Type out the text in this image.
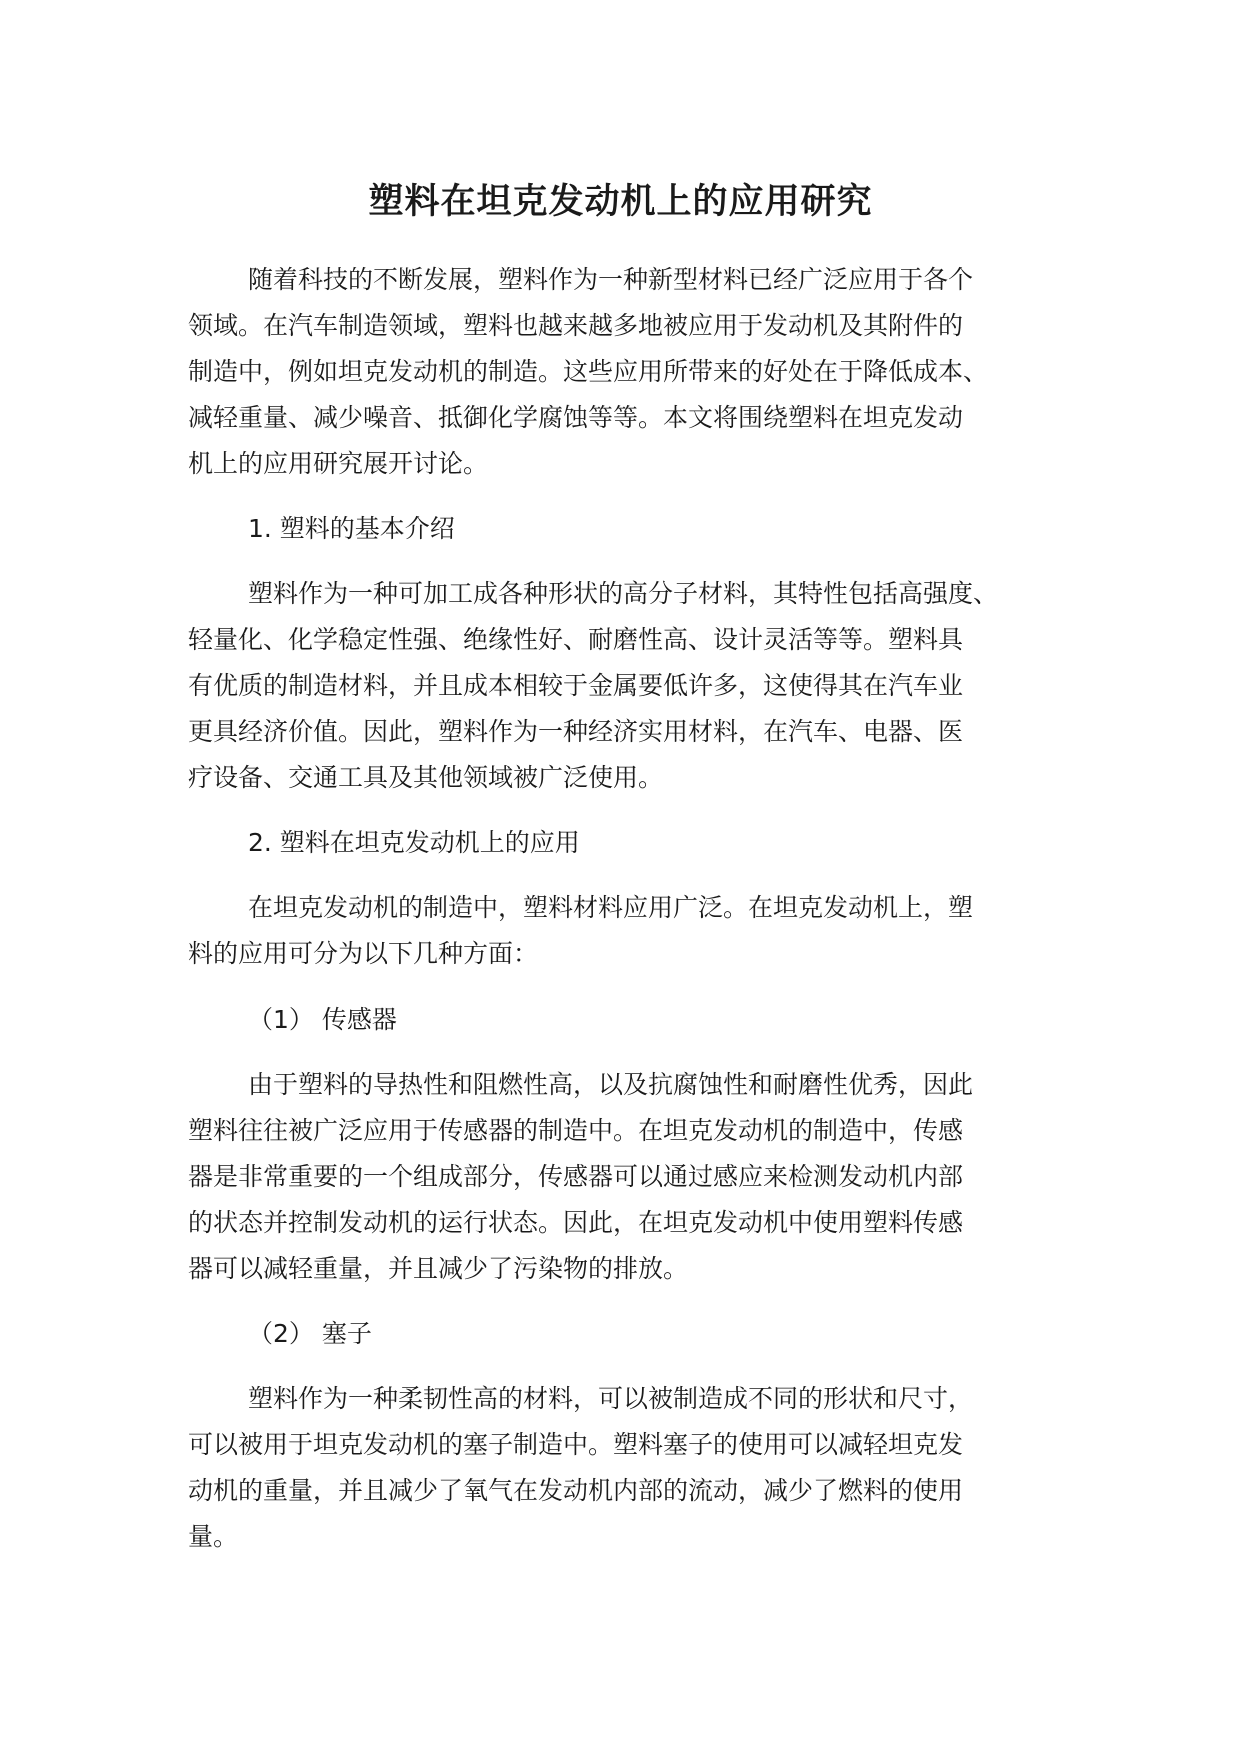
塑料在坦克发动机上的应用研究

随着科技的不断发展，塑料作为一种新型材料已经广泛应用于各个

领域。在汽车制造领域，塑料也越来越多地被应用于发动机及其附件的

制造中，例如坦克发动机的制造。这些应用所带来的好处在于降低成本、

减轻重量、减少噪音、抵御化学腐蚀等等。本文将围绕塑料在坦克发动

机上的应用研究展开讨论。

1. 塑料的基本介绍

塑料作为一种可加工成各种形状的高分子材料，其特性包括高强度、

轻量化、化学稳定性强、绝缘性好、耐磨性高、设计灵活等等。塑料具

有优质的制造材料，并且成本相较于金属要低许多，这使得其在汽车业

更具经济价值。因此，塑料作为一种经济实用材料，在汽车、电器、医

疗设备、交通工具及其他领域被广泛使用。

2. 塑料在坦克发动机上的应用

在坦克发动机的制造中，塑料材料应用广泛。在坦克发动机上，塑

料的应用可分为以下几种方面：

（1） 传感器

由于塑料的导热性和阻燃性高，以及抗腐蚀性和耐磨性优秀，因此

塑料往往被广泛应用于传感器的制造中。在坦克发动机的制造中，传感

器是非常重要的一个组成部分，传感器可以通过感应来检测发动机内部

的状态并控制发动机的运行状态。因此，在坦克发动机中使用塑料传感

器可以减轻重量，并且减少了污染物的排放。

（2） 塞子

塑料作为一种柔韧性高的材料，可以被制造成不同的形状和尺寸，

可以被用于坦克发动机的塞子制造中。塑料塞子的使用可以减轻坦克发

动机的重量，并且减少了氧气在发动机内部的流动，减少了燃料的使用

量。
